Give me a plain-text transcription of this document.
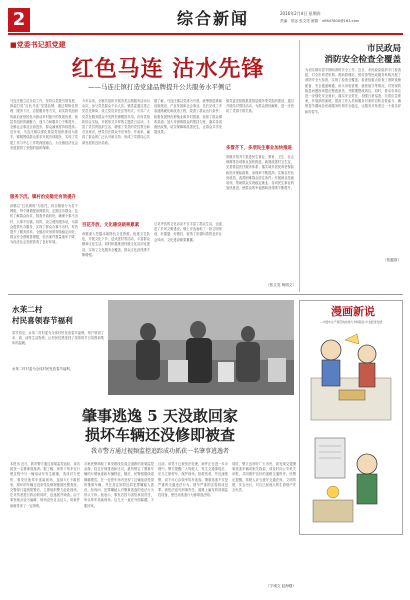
2	综合新闻	2016年2月4日 星期四
责编：常远 张文亮 邮箱：ufl847800@163.com
■党委书记抓党建
红色马连 沽水先锋
——马连庄镇打造党建品牌提升公共服务水平侧记
马连庄镇立足全局工作，坚持以党建引领发展，探索打造“红色马连”党建品牌，通过网格化管理、服务下沉、志愿服务等方式，切实将党组织的政治优势转化为推动乡村振兴的发展优势，基层党组织的凝聚力、战斗力和服务力不断提升，全镇社会事业全面进步，群众满意度持续提高。近年来，马连庄镇以强化基层党组织建设为抓手，紧紧围绕群众需求开展各项服务，实现了党建工作与中心工作的深度融合，为全镇经济社会发展提供了坚强的组织保障。
服务下沉，镇村治安稳定有效提升
该镇以“红色网格”为依托，将全镇划分为若干网格，每个网格配备网格员，定期走访群众，及时了解群众诉求，排查矛盾纠纷，确保小事不出村、大事不出镇。同时，设立便民服务站，为群众提供代办服务，实现了群众办事不出村，有效提升了服务效率，全镇治安形势持续稳定向好，群众安全感明显增强，信访案件数量逐年下降，为经济社会发展营造了良好环境。
今年以来，全镇共组织开展各类志愿服务活动百余次，参与党员群众千余人次。镇党委通过建立党员先锋岗、设立党员责任区等形式，引导广大党员在服务群众中发挥先锋模范作用。各村党组织结合实际，开展形式多样的主题党日活动，丰富了党员的组织生活，增强了党员的党性观念和宗旨意识，使党员在群众中亮身份、作表率，赢得了群众的广泛认可和支持，形成了党群同心共谋发展的良好局面。
百花齐放，文化建设硕果累累
该镇深入挖掘本地特色文化资源，组建文艺队伍，开展文化下乡、送戏进村等活动，丰富群众精神文化生活。同时积极推进村级文化活动室建设，实现了文化服务全覆盖，群众文化获得感不断增强。
据了解，马连庄镇以党建为引领，统筹推进基础设施建设、产业发展和社会事业，先后完成了多条道路硬化和改造工程，改善了群众出行条件；积极发展特色种植业和乡村旅游，拓宽了群众增收渠道；加大对困难群众的帮扶力度，落实各项惠民政策，切实保障和改善民生，让群众共享发展成果。
百花齐放的文化活动不仅丰富了群众生活，也促进了乡风文明建设。镇上评选表彰了一批文明家庭、好婆婆、好媳妇，营造了崇德向善的良好社会风尚，文化建设硕果累累。
镇党委还积极推进基层服务型党组织建设，通过开展结对帮扶活动，为群众排忧解难，进一步密切了党群干群关系。
多管齐下，多项民生事业加快推进
该镇多管齐下推进民生事业，教育、卫生、社会保障等各项事业加快推进。新建改建村卫生室，完善基层医疗服务体系；落实城乡居民养老保险和医疗保险政策，参保率不断提高；实施农村危房改造，改善困难群众居住条件；开展就业技能培训，帮助群众实现稳定就业。各项民生事业的加快推进，使群众的幸福感和获得感不断提升。
（张文亮 杨明文）
市民政局
消防安全检查全覆盖
为切实做好春节期间消防安全工作，近日，市民政局组织专门检查组，对全市养老机构、救助管理站、殡仪馆等民政服务机构开展了消防安全大检查，实现了检查全覆盖。检查组重点检查了消防设施配备、安全通道畅通、用火用电管理、值班值守等情况，对发现的隐患问题现场提出整改意见，并限期整改到位。同时，要求各单位进一步强化安全意识，落实安全责任，加强日常巡查，完善应急预案，开展消防演练，提高工作人员和服务对象的自防自救能力，确保春节期间各民政服务机构安全稳定，让服务对象度过一个欢乐祥和的春节。
（张蕴高）
水茉二村
村民喜领春节福利
春节将至，水茉二村村委为全体村民发放春节福利，每户领到了米、面、油等生活物资，让村民们感受到了浓浓的节日氛围和集体的温暖。
水茉二村村委为全体村民发放春节福利。
漫画新说
—中国华生产规范的检验大米相联系·中农经济发展
肇事逃逸 5 天没敢回家
损坏车辆还没修即被查
我市警方通过视频监控追踪成功抓获一名肇事逃逸者
本报讯 近日，我市警方通过视频监控追踪，成功抓获一名肇事逃逸者。据了解，该男子驾车在行驶过程中与一辆电动车发生碰撞，造成对方受伤，事发后他驾车逃离现场，连续5天不敢回家，损坏的车辆还没来得及修理便被民警查获。交警部门接到报警后，立即组织警力赶赴现场，在对伤者进行救治的同时，迅速展开调查。由于事发地点较为偏僻，现场没有目击证人，给案件侦破带来了一定困难。
办案民警调取了事发路段及周边道路的视频监控录像，经过仔细排查和比对，最终锁定了肇事车辆的行驶轨迹和车辆特征。随后，民警根据线索顺藤摸瓜，在一处停车场内发现了这辆前部受损的肇事车辆，并在其住所附近将犯罪嫌疑人抓获。经询问，犯罪嫌疑人对肇事逃逸的违法行为供认不讳。他表示，事发后因为害怕承担责任，所以驾车逃离现场，这几天一直在外面躲藏，不敢回家。
目前，该男子已被依法处理，案件正在进一步办理中。警方提醒广大驾驶人，发生交通事故后，应当立即停车，保护现场，抢救伤者，并迅速报警，切不可心存侥幸驾车逃逸。肇事逃逸不仅是严重的交通违法行为，情节严重的还将构成犯罪，被依法追究刑事责任。道路上遍布的视频监控设备，使任何逃逸行为都难逃法网。
同时，警方也呼吁广大市民，如发现交通肇事逃逸车辆或相关线索，请及时向公安机关举报，共同维护良好的道路交通秩序。民警还提醒，驾驶人应当遵守交通法规，文明驾驶，安全出行，对自己和他人的生命财产安全负责。
（宁城文 赵海强）
